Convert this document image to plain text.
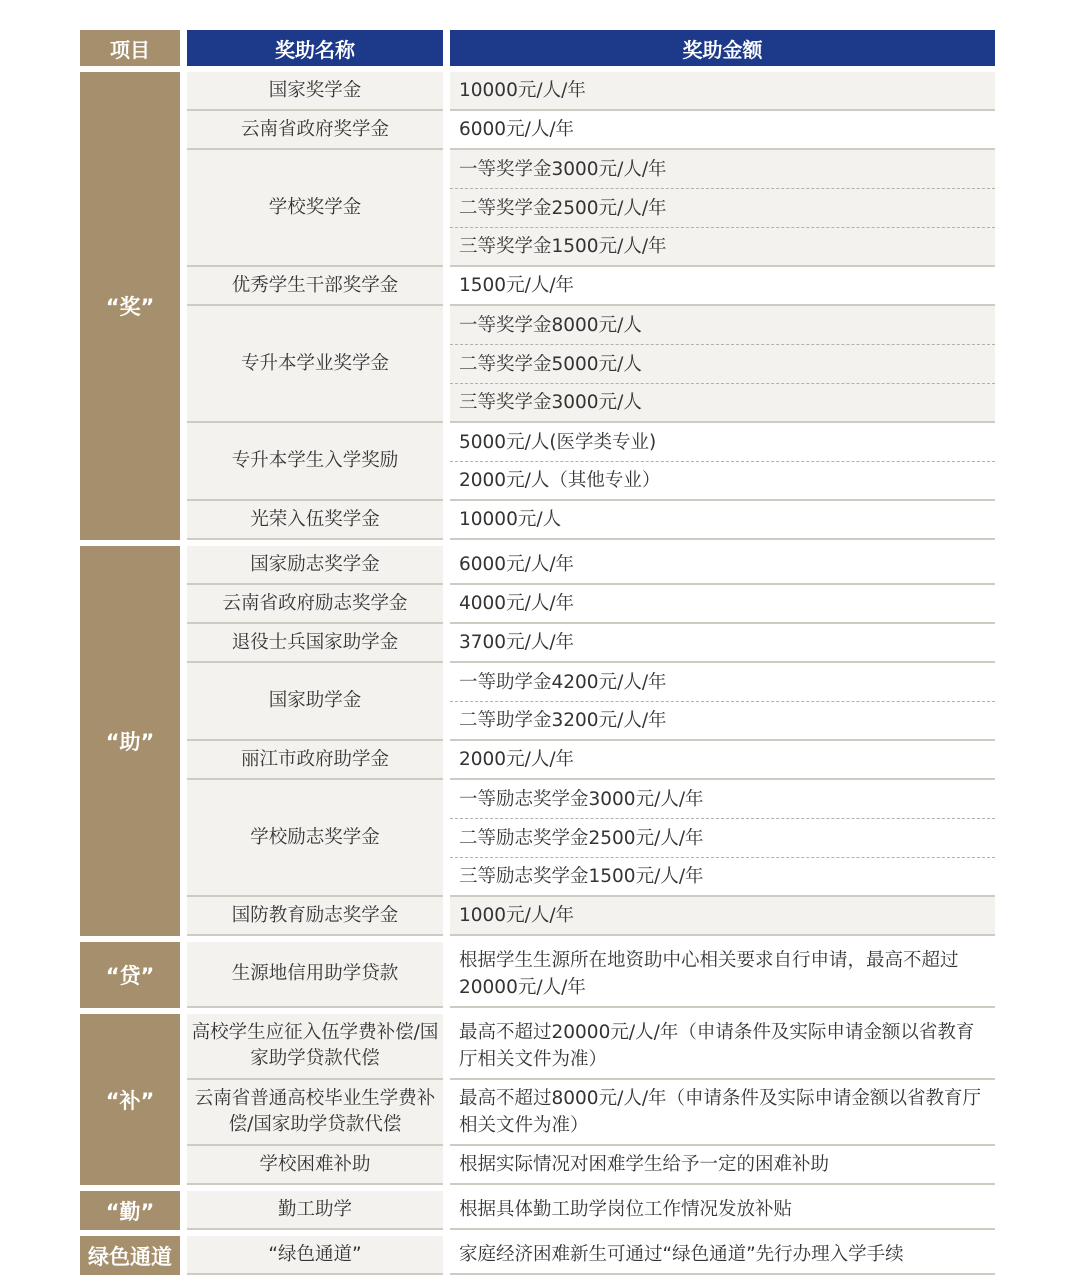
项目	奖助名称	奖助金额
“奖”
“助”
“贷”
“补”
“勤”
绿色通道
10000元/人/年
国家奖学金
6000元/人/年
云南省政府奖学金
一等奖学金3000元/人/年
二等奖学金2500元/人/年
三等奖学金1500元/人/年
学校奖学金
1500元/人/年
优秀学生干部奖学金
一等奖学金8000元/人
二等奖学金5000元/人
三等奖学金3000元/人
专升本学业奖学金
5000元/人(医学类专业)
2000元/人（其他专业）
专升本学生入学奖励
10000元/人
光荣入伍奖学金
6000元/人/年
国家励志奖学金
4000元/人/年
云南省政府励志奖学金
3700元/人/年
退役士兵国家助学金
一等助学金4200元/人/年
二等助学金3200元/人/年
国家助学金
2000元/人/年
丽江市政府助学金
一等励志奖学金3000元/人/年
二等励志奖学金2500元/人/年
三等励志奖学金1500元/人/年
学校励志奖学金
1000元/人/年
国防教育励志奖学金
根据学生生源所在地资助中心相关要求自行申请，最高不超过20000元/人/年
生源地信用助学贷款
最高不超过20000元/人/年（申请条件及实际申请金额以省教育厅相关文件为准）
高校学生应征入伍学费补偿/国家助学贷款代偿
最高不超过8000元/人/年（申请条件及实际申请金额以省教育厅相关文件为准）
云南省普通高校毕业生学费补偿/国家助学贷款代偿
根据实际情况对困难学生给予一定的困难补助
学校困难补助
根据具体勤工助学岗位工作情况发放补贴
勤工助学
家庭经济困难新生可通过“绿色通道”先行办理入学手续
“绿色通道”
